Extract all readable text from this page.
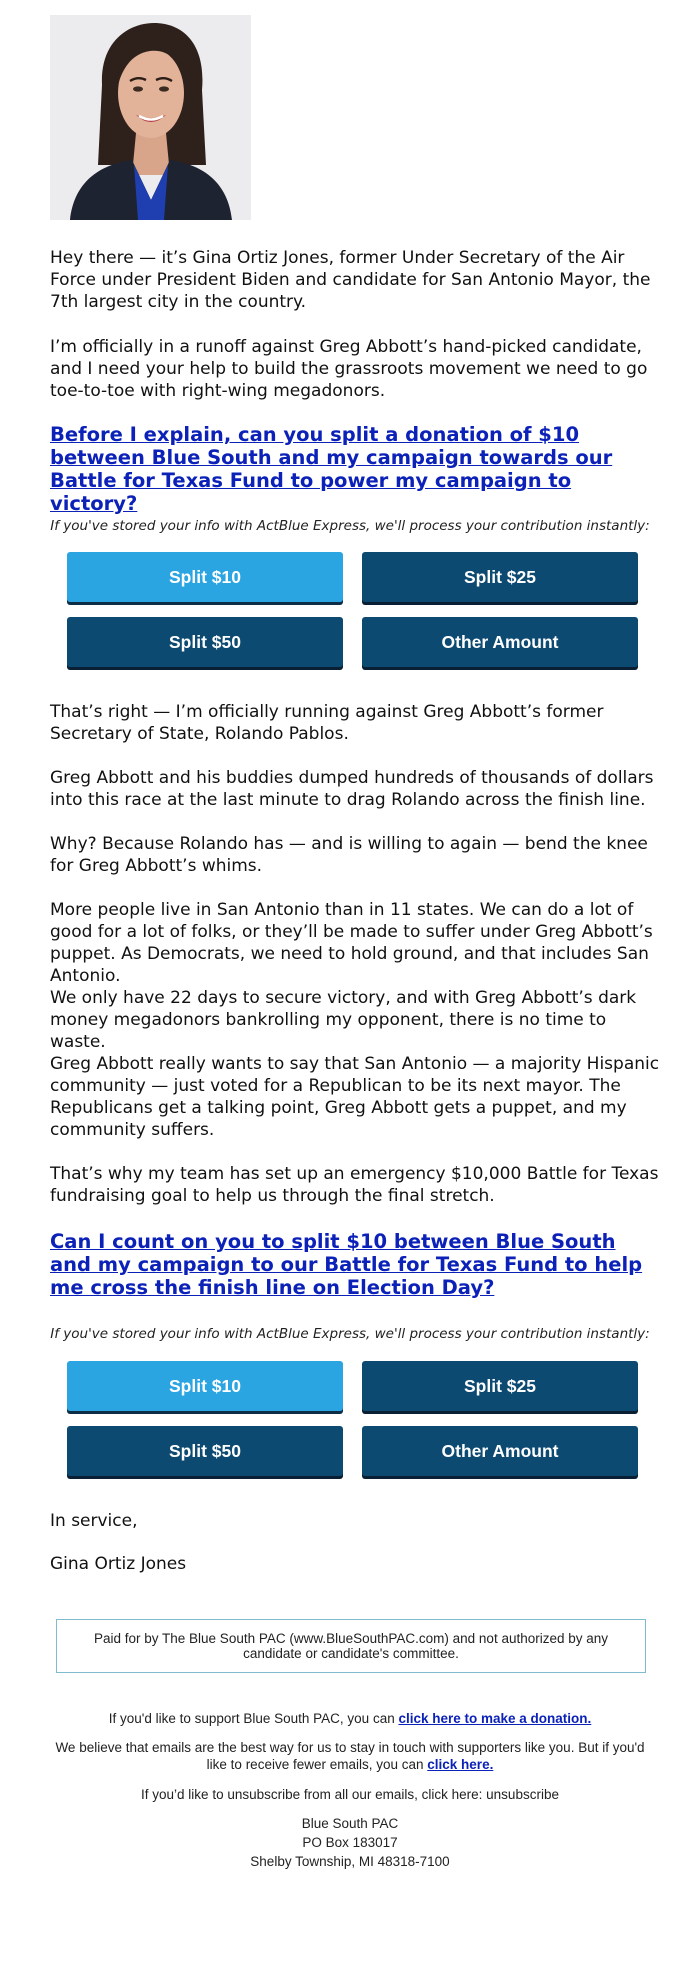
Hey there — it’s Gina Ortiz Jones, former Under Secretary of the Air Force under President Biden and candidate for San Antonio Mayor, the 7th largest city in the country.

I’m officially in a runoff against Greg Abbott’s hand-picked candidate, and I need your help to build the grassroots movement we need to go toe-to-toe with right-wing megadonors.

Before I explain, can you split a donation of $10 between Blue South and my campaign towards our Battle for Texas Fund to power my campaign to victory?

If you've stored your info with ActBlue Express, we'll process your contribution instantly:

Split $10	Split $25
Split $50	Other Amount

That’s right — I’m officially running against Greg Abbott’s former Secretary of State, Rolando Pablos.

Greg Abbott and his buddies dumped hundreds of thousands of dollars into this race at the last minute to drag Rolando across the finish line.

Why? Because Rolando has — and is willing to again — bend the knee for Greg Abbott’s whims.

More people live in San Antonio than in 11 states. We can do a lot of good for a lot of folks, or they’ll be made to suffer under Greg Abbott’s puppet. As Democrats, we need to hold ground, and that includes San Antonio.

We only have 22 days to secure victory, and with Greg Abbott’s dark money megadonors bankrolling my opponent, there is no time to waste.

Greg Abbott really wants to say that San Antonio — a majority Hispanic community — just voted for a Republican to be its next mayor. The Republicans get a talking point, Greg Abbott gets a puppet, and my community suffers.

That’s why my team has set up an emergency $10,000 Battle for Texas fundraising goal to help us through the final stretch.

Can I count on you to split $10 between Blue South and my campaign to our Battle for Texas Fund to help me cross the finish line on Election Day?

If you've stored your info with ActBlue Express, we'll process your contribution instantly:

Split $10	Split $25
Split $50	Other Amount

In service,

Gina Ortiz Jones

Paid for by The Blue South PAC (www.BlueSouthPAC.com) and not authorized by any candidate or candidate's committee.

If you'd like to support Blue South PAC, you can click here to make a donation.

We believe that emails are the best way for us to stay in touch with supporters like you. But if you'd like to receive fewer emails, you can click here.

If you’d like to unsubscribe from all our emails, click here: unsubscribe

Blue South PAC

PO Box 183017

Shelby Township, MI 48318-7100
